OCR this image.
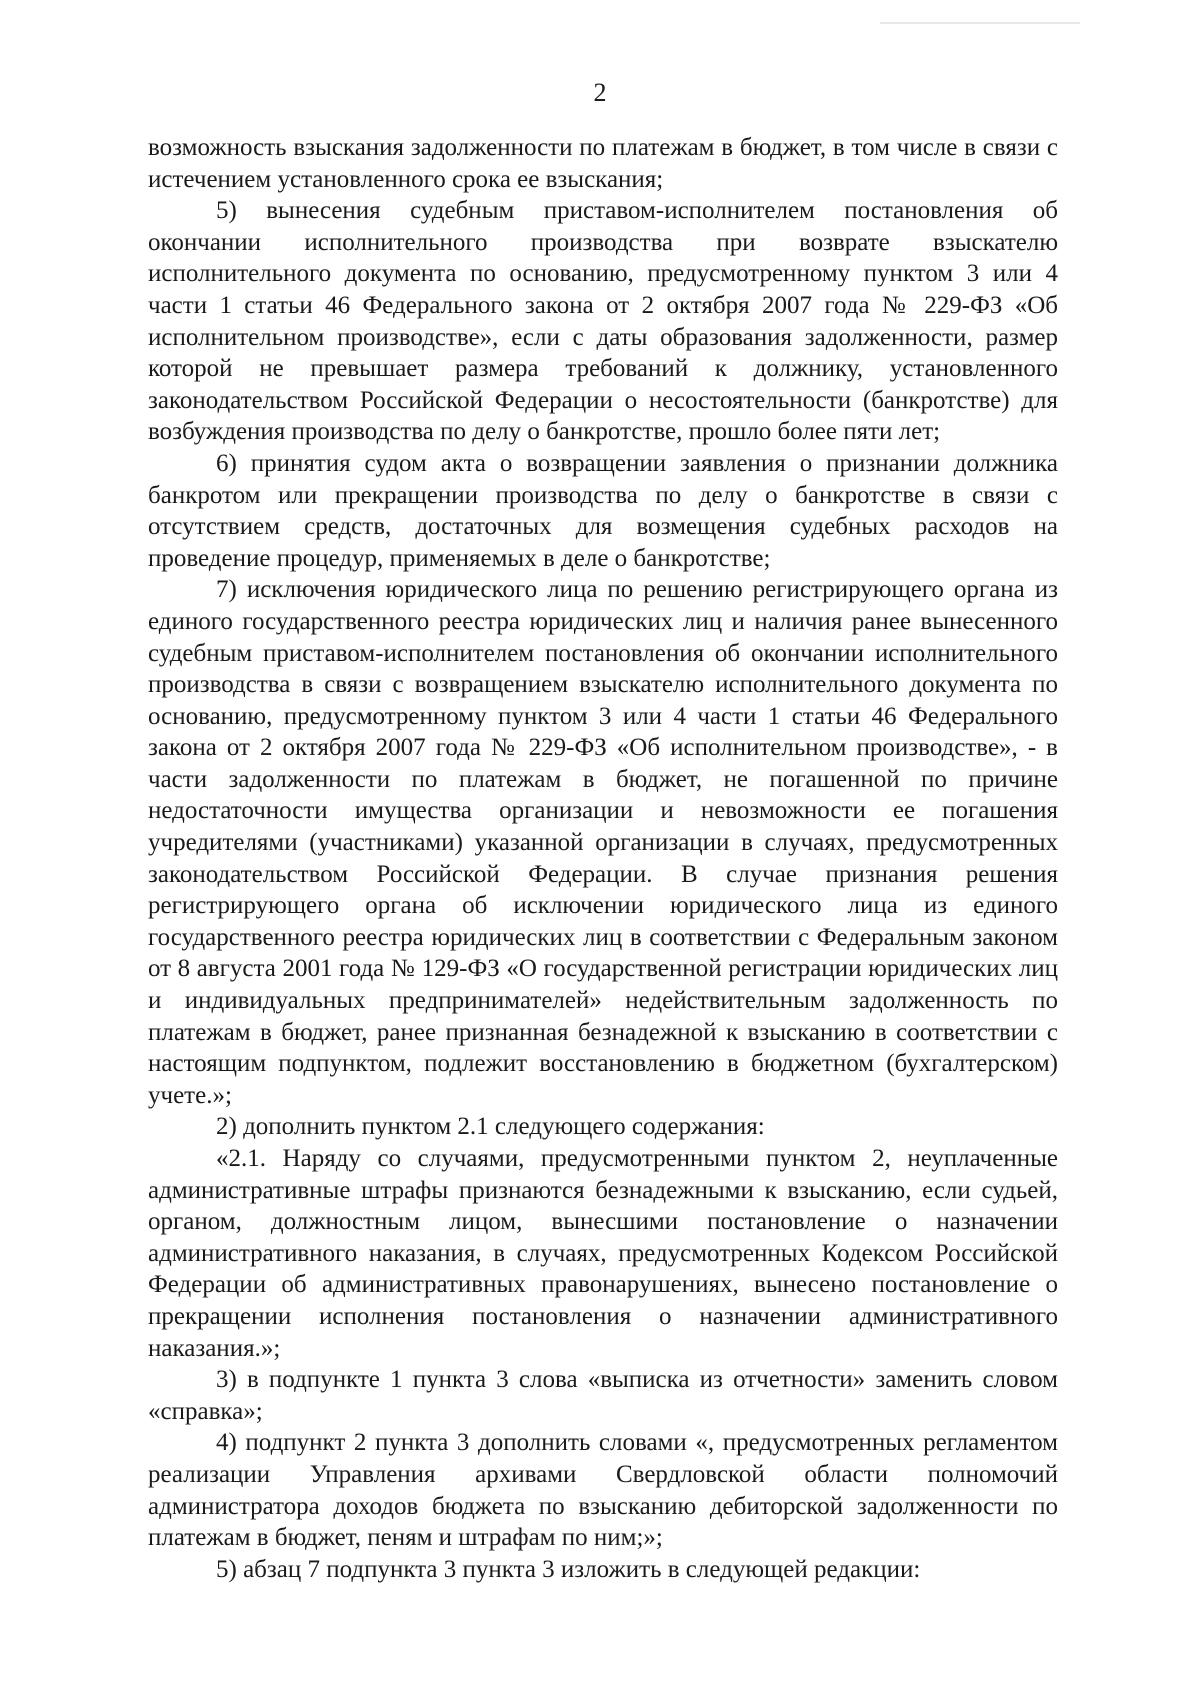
2

возможность взыскания задолженности по платежам в бюджет, в том числе в связи с истечением установленного срока ее взыскания;

5) вынесения судебным приставом-исполнителем постановления об окончании исполнительного производства при возврате взыскателю исполнительного документа по основанию, предусмотренному пунктом 3 или 4 части 1 статьи 46 Федерального закона от 2 октября 2007 года № 229-ФЗ «Об исполнительном производстве», если с даты образования задолженности, размер которой не превышает размера требований к должнику, установленного законодательством Российской Федерации о несостоятельности (банкротстве) для возбуждения производства по делу о банкротстве, прошло более пяти лет;

6) принятия судом акта о возвращении заявления о признании должника банкротом или прекращении производства по делу о банкротстве в связи с отсутствием средств, достаточных для возмещения судебных расходов на проведение процедур, применяемых в деле о банкротстве;

7) исключения юридического лица по решению регистрирующего органа из единого государственного реестра юридических лиц и наличия ранее вынесенного судебным приставом-исполнителем постановления об окончании исполнительного производства в связи с возвращением взыскателю исполнительного документа по основанию, предусмотренному пунктом 3 или 4 части 1 статьи 46 Федерального закона от 2 октября 2007 года № 229-ФЗ «Об исполнительном производстве», - в части задолженности по платежам в бюджет, не погашенной по причине недостаточности имущества организации и невозможности ее погашения учредителями (участниками) указанной организации в случаях, предусмотренных законодательством Российской Федерации. В случае признания решения регистрирующего органа об исключении юридического лица из единого государственного реестра юридических лиц в соответствии с Федеральным законом от 8 августа 2001 года № 129-ФЗ «О государственной регистрации юридических лиц и индивидуальных предпринимателей» недействительным задолженность по платежам в бюджет, ранее признанная безнадежной к взысканию в соответствии с настоящим подпунктом, подлежит восстановлению в бюджетном (бухгалтерском) учете.»;

2) дополнить пунктом 2.1 следующего содержания:

«2.1. Наряду со случаями, предусмотренными пунктом 2, неуплаченные административные штрафы признаются безнадежными к взысканию, если судьей, органом, должностным лицом, вынесшими постановление о назначении административного наказания, в случаях, предусмотренных Кодексом Российской Федерации об административных правонарушениях, вынесено постановление о прекращении исполнения постановления о назначении административного наказания.»;

3) в подпункте 1 пункта 3 слова «выписка из отчетности» заменить словом «справка»;

4) подпункт 2 пункта 3 дополнить словами «, предусмотренных регламентом реализации Управления архивами Свердловской области полномочий администратора доходов бюджета по взысканию дебиторской задолженности по платежам в бюджет, пеням и штрафам по ним;»;

5) абзац 7 подпункта 3 пункта 3 изложить в следующей редакции:
